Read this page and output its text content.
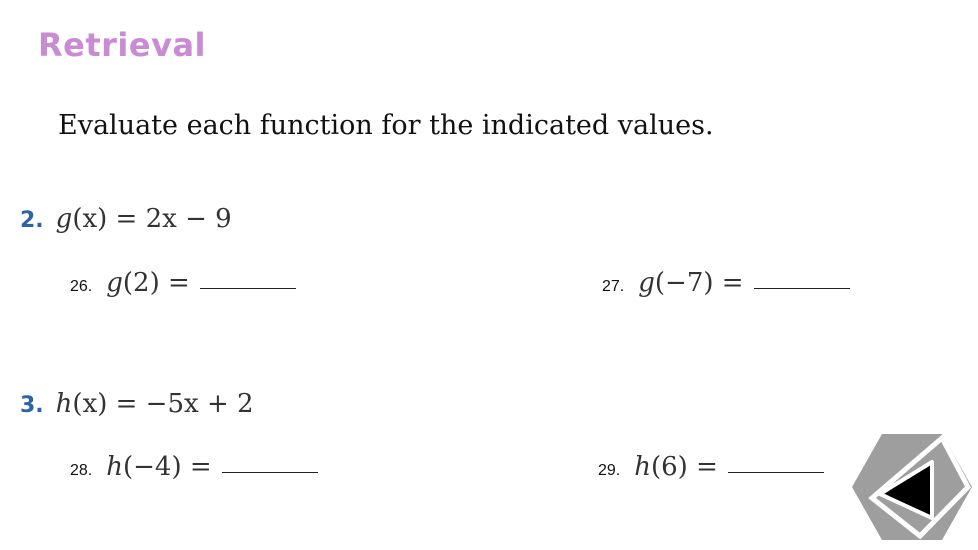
Retrieval
Evaluate each function for the indicated values.
2. g(x) = 2x − 9
26. g(2) =	27. g(−7) =
3. h(x) = −5x + 2
28. h(−4) =	29. h(6) =
